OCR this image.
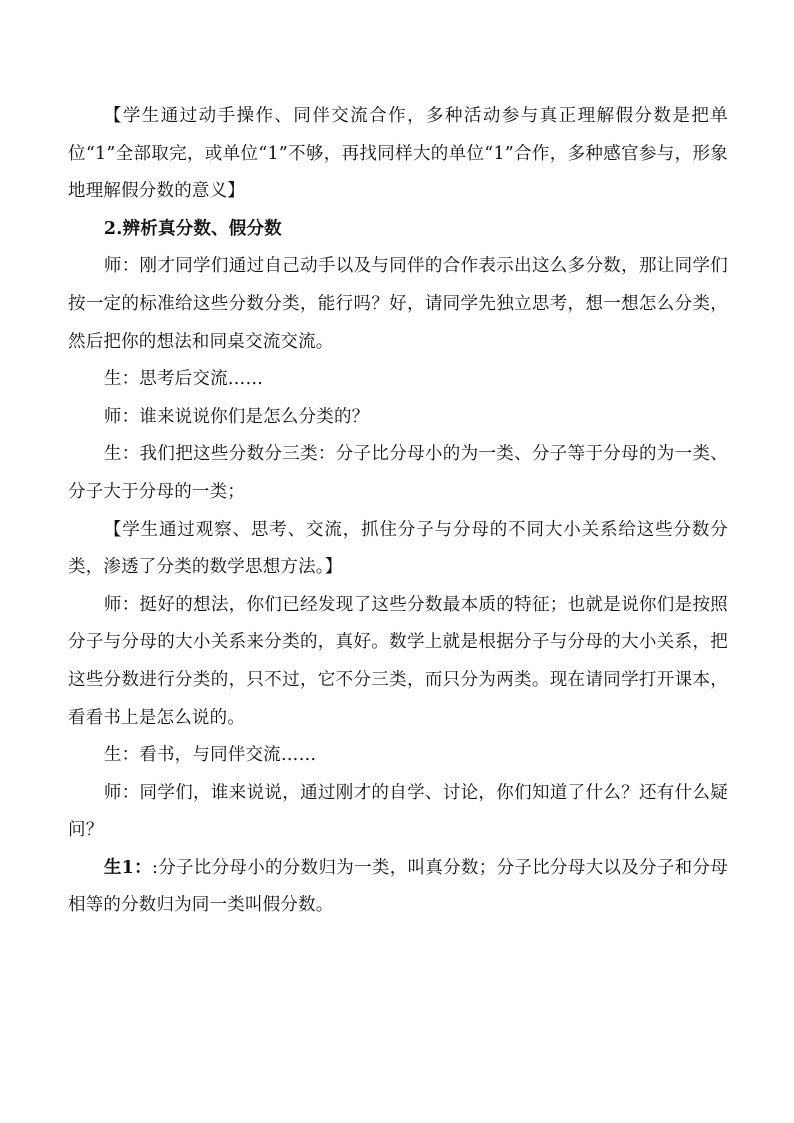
【学生通过动手操作、同伴交流合作，多种活动参与真正理解假分数是把单位“1”全部取完，或单位“1”不够，再找同样大的单位“1”合作，多种感官参与，形象地理解假分数的意义】

2.辨析真分数、假分数

师：刚才同学们通过自己动手以及与同伴的合作表示出这么多分数，那让同学们按一定的标准给这些分数分类，能行吗？好，请同学先独立思考，想一想怎么分类，然后把你的想法和同桌交流交流。

生：思考后交流……

师：谁来说说你们是怎么分类的？

生：我们把这些分数分三类：分子比分母小的为一类、分子等于分母的为一类、分子大于分母的一类；

【学生通过观察、思考、交流，抓住分子与分母的不同大小关系给这些分数分类，渗透了分类的数学思想方法。】

师：挺好的想法，你们已经发现了这些分数最本质的特征；也就是说你们是按照分子与分母的大小关系来分类的，真好。数学上就是根据分子与分母的大小关系，把这些分数进行分类的，只不过，它不分三类，而只分为两类。现在请同学打开课本，看看书上是怎么说的。

生：看书，与同伴交流……

师：同学们，谁来说说，通过刚才的自学、讨论，你们知道了什么？还有什么疑问？

生1：:分子比分母小的分数归为一类，叫真分数；分子比分母大以及分子和分母相等的分数归为同一类叫假分数。
